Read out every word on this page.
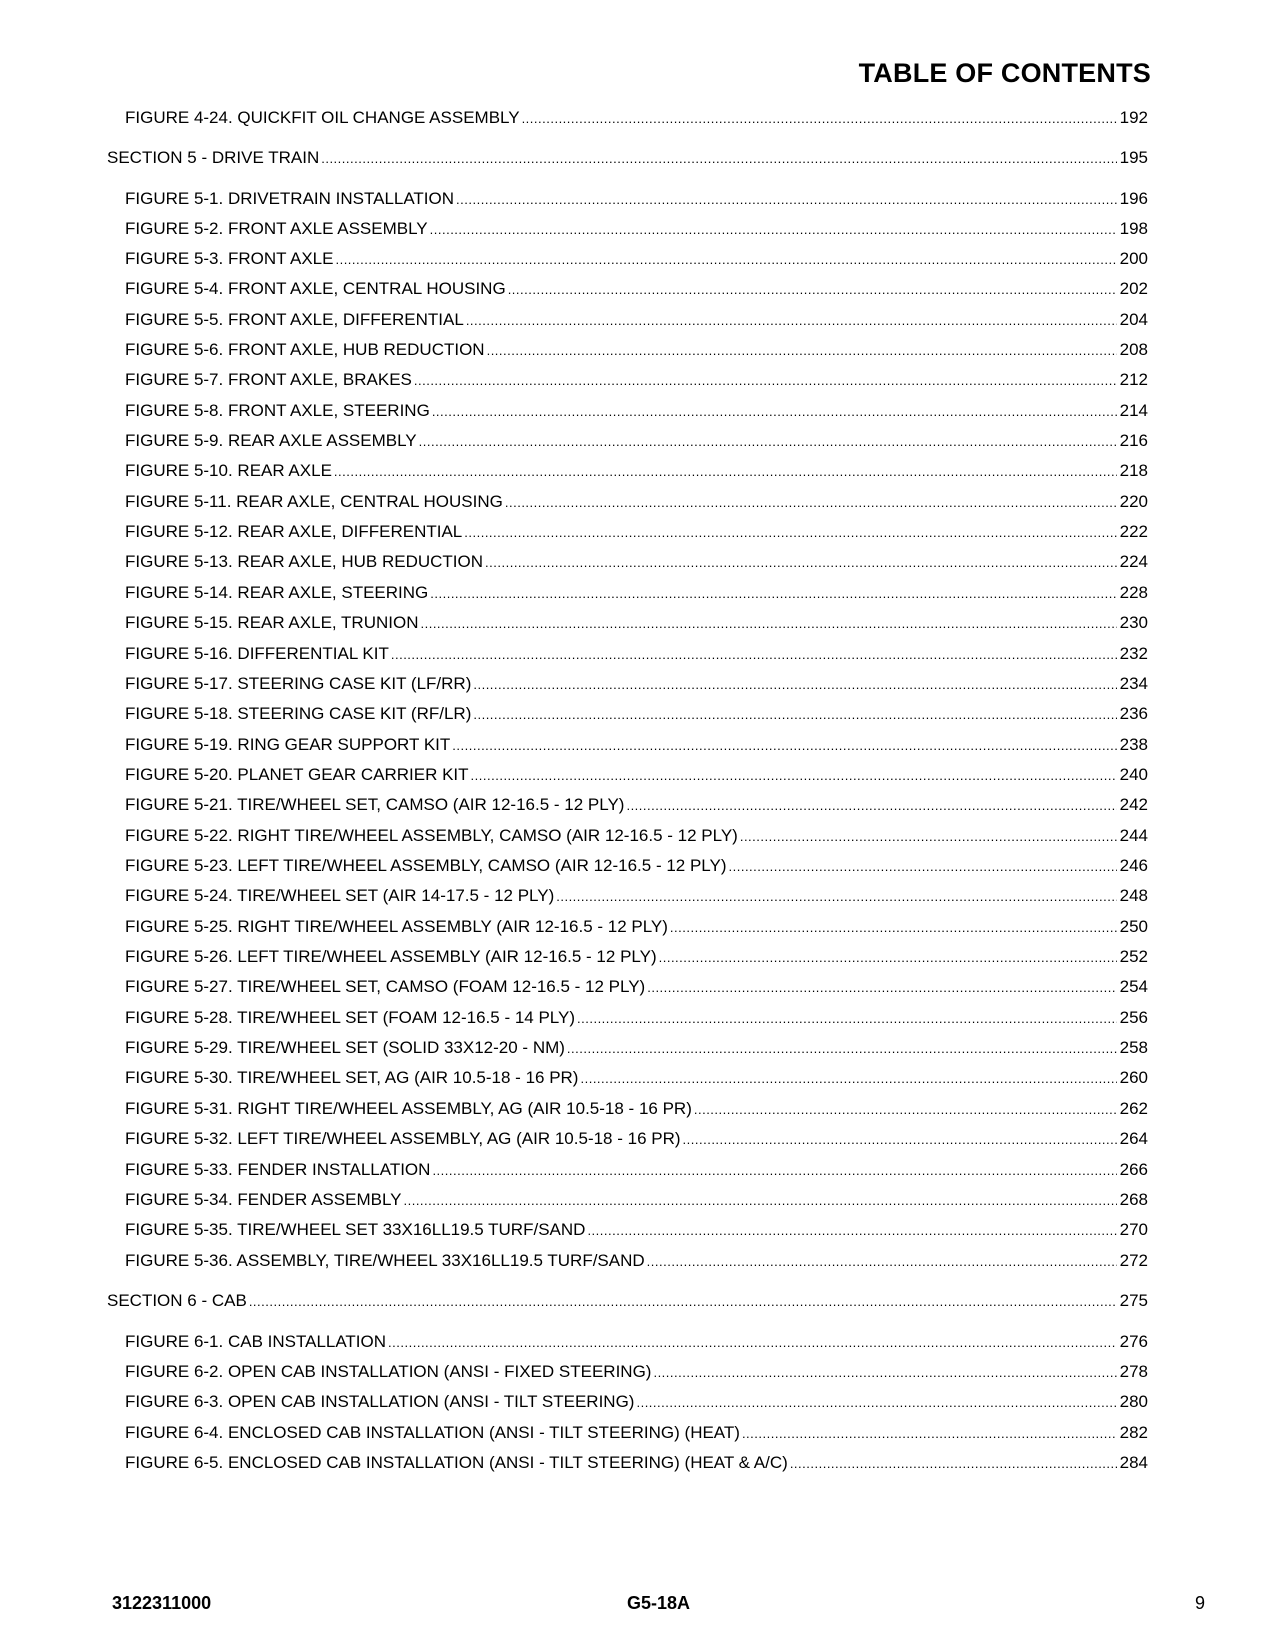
TABLE OF CONTENTS
FIGURE 4-24. QUICKFIT OIL CHANGE ASSEMBLY .....	192
SECTION 5 - DRIVE TRAIN .....	195
FIGURE 5-1. DRIVETRAIN INSTALLATION .....	196
FIGURE 5-2. FRONT AXLE ASSEMBLY .....	198
FIGURE 5-3. FRONT AXLE .....	200
FIGURE 5-4. FRONT AXLE, CENTRAL HOUSING .....	202
FIGURE 5-5. FRONT AXLE, DIFFERENTIAL .....	204
FIGURE 5-6. FRONT AXLE, HUB REDUCTION .....	208
FIGURE 5-7. FRONT AXLE, BRAKES .....	212
FIGURE 5-8. FRONT AXLE, STEERING .....	214
FIGURE 5-9. REAR AXLE ASSEMBLY .....	216
FIGURE 5-10. REAR AXLE .....	218
FIGURE 5-11. REAR AXLE, CENTRAL HOUSING .....	220
FIGURE 5-12. REAR AXLE, DIFFERENTIAL .....	222
FIGURE 5-13. REAR AXLE, HUB REDUCTION .....	224
FIGURE 5-14. REAR AXLE, STEERING .....	228
FIGURE 5-15. REAR AXLE, TRUNION .....	230
FIGURE 5-16. DIFFERENTIAL KIT .....	232
FIGURE 5-17. STEERING CASE KIT (LF/RR) .....	234
FIGURE 5-18. STEERING CASE KIT (RF/LR) .....	236
FIGURE 5-19. RING GEAR SUPPORT KIT .....	238
FIGURE 5-20. PLANET GEAR CARRIER KIT .....	240
FIGURE 5-21. TIRE/WHEEL SET, CAMSO (AIR 12-16.5 - 12 PLY) .....	242
FIGURE 5-22. RIGHT TIRE/WHEEL ASSEMBLY, CAMSO (AIR 12-16.5 - 12 PLY) .....	244
FIGURE 5-23. LEFT TIRE/WHEEL ASSEMBLY, CAMSO (AIR 12-16.5 - 12 PLY) .....	246
FIGURE 5-24. TIRE/WHEEL SET (AIR 14-17.5 - 12 PLY) .....	248
FIGURE 5-25. RIGHT TIRE/WHEEL ASSEMBLY (AIR 12-16.5 - 12 PLY) .....	250
FIGURE 5-26. LEFT TIRE/WHEEL ASSEMBLY (AIR 12-16.5 - 12 PLY) .....	252
FIGURE 5-27. TIRE/WHEEL SET, CAMSO (FOAM 12-16.5 - 12 PLY) .....	254
FIGURE 5-28. TIRE/WHEEL SET (FOAM 12-16.5 - 14 PLY) .....	256
FIGURE 5-29. TIRE/WHEEL SET (SOLID 33X12-20 - NM) .....	258
FIGURE 5-30. TIRE/WHEEL SET, AG (AIR 10.5-18 - 16 PR) .....	260
FIGURE 5-31. RIGHT TIRE/WHEEL ASSEMBLY, AG (AIR 10.5-18 - 16 PR) .....	262
FIGURE 5-32. LEFT TIRE/WHEEL ASSEMBLY, AG (AIR 10.5-18 - 16 PR) .....	264
FIGURE 5-33. FENDER INSTALLATION .....	266
FIGURE 5-34. FENDER ASSEMBLY .....	268
FIGURE 5-35. TIRE/WHEEL SET 33X16LL19.5 TURF/SAND .....	270
FIGURE 5-36. ASSEMBLY, TIRE/WHEEL 33X16LL19.5 TURF/SAND .....	272
SECTION 6 - CAB .....	275
FIGURE 6-1. CAB INSTALLATION .....	276
FIGURE 6-2. OPEN CAB INSTALLATION (ANSI - FIXED STEERING) .....	278
FIGURE 6-3. OPEN CAB INSTALLATION (ANSI - TILT STEERING) .....	280
FIGURE 6-4. ENCLOSED CAB INSTALLATION (ANSI - TILT STEERING) (HEAT) .....	282
FIGURE 6-5. ENCLOSED CAB INSTALLATION (ANSI - TILT STEERING) (HEAT & A/C) .....	284
3122311000	G5-18A	9
